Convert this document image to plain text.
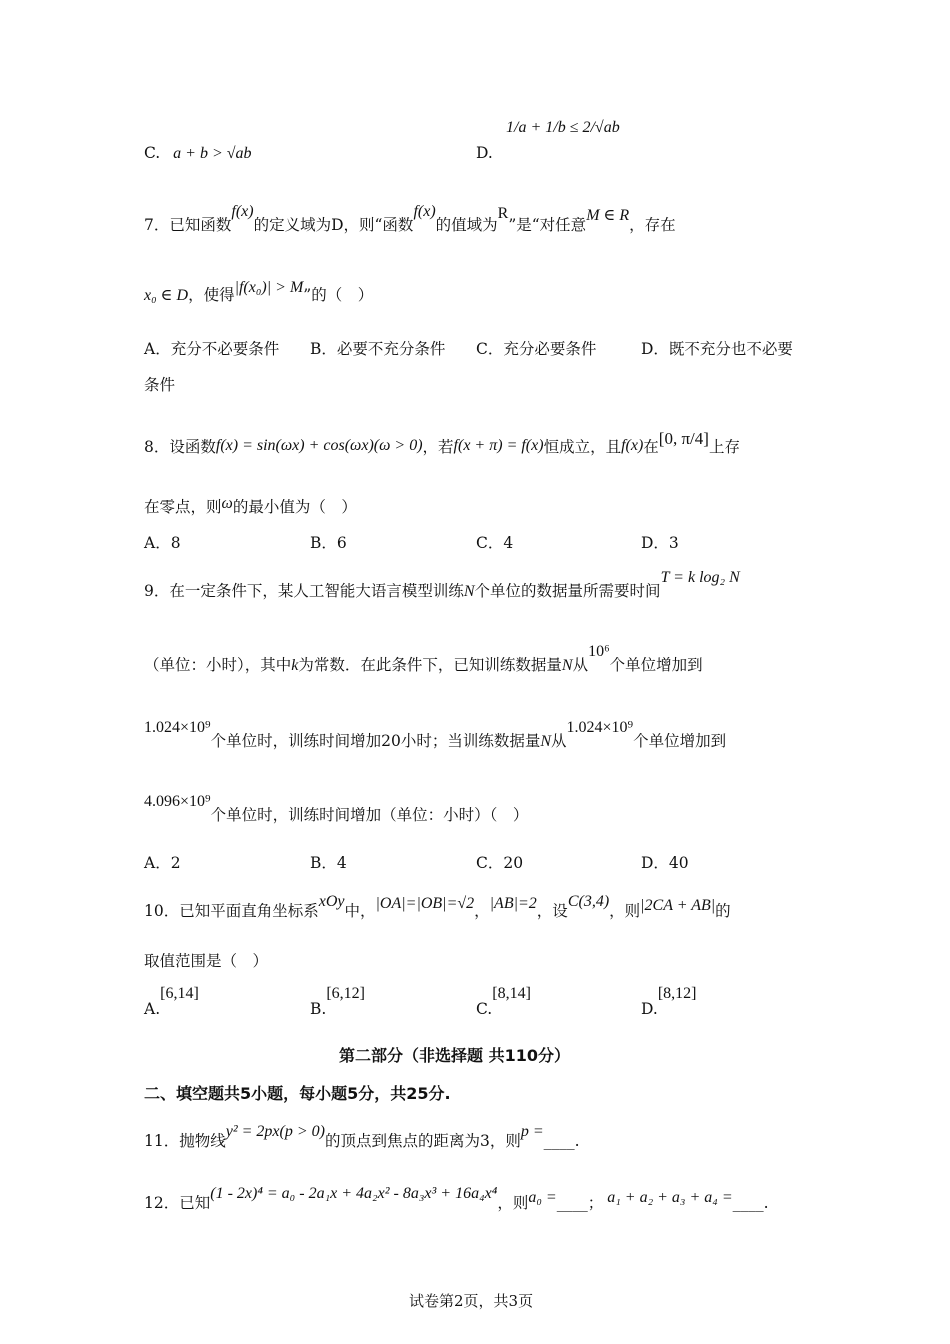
C. a + b > √ab	D.
1/a + 1/b ≤ 2/√ab
7．已知函数f(x)的定义域为D，则“函数f(x)的值域为R”是“对任意M ∈ R，存在
x₀ ∈ D，使得|f(x₀)| > M”的（　）
A．充分不必要条件 B．必要不充分条件 C．充分必要条件	D．既不充分也不必要
条件
8．设函数f(x) = sin(ωx) + cos(ωx)(ω > 0)，若f(x + π) = f(x)恒成立，且f(x)在[0, π/4]上存
在零点，则ω的最小值为（　）
A．8	B．6	C．4	D．3
9．在一定条件下，某人工智能大语言模型训练N个单位的数据量所需要时间T = k log₂ N
（单位：小时），其中k为常数．在此条件下，已知训练数据量N从10⁶个单位增加到
1.024×10⁹个单位时，训练时间增加20小时；当训练数据量N从1.024×10⁹个单位增加到
4.096×10⁹个单位时，训练时间增加（单位：小时）（　）
A．2	B．4	C．20	D．40
10．已知平面直角坐标系xOy中，|OA|=|OB|=√2，|AB|=2，设C(3,4)，则|2CA + AB|的
取值范围是（　）
A.[6,14]
B.[6,12]
C.[8,14]
D.[8,12]
第二部分（非选择题 共110分）
二、填空题共5小题，每小题5分，共25分.
11．抛物线y² = 2px(p > 0)的顶点到焦点的距离为3，则p =____.
12．已知(1 - 2x)⁴ = a₀ - 2a₁x + 4a₂x² - 8a₃x³ + 16a₄x⁴，则a₀ =____； a₁ + a₂ + a₃ + a₄ =____.
试卷第2页，共3页
